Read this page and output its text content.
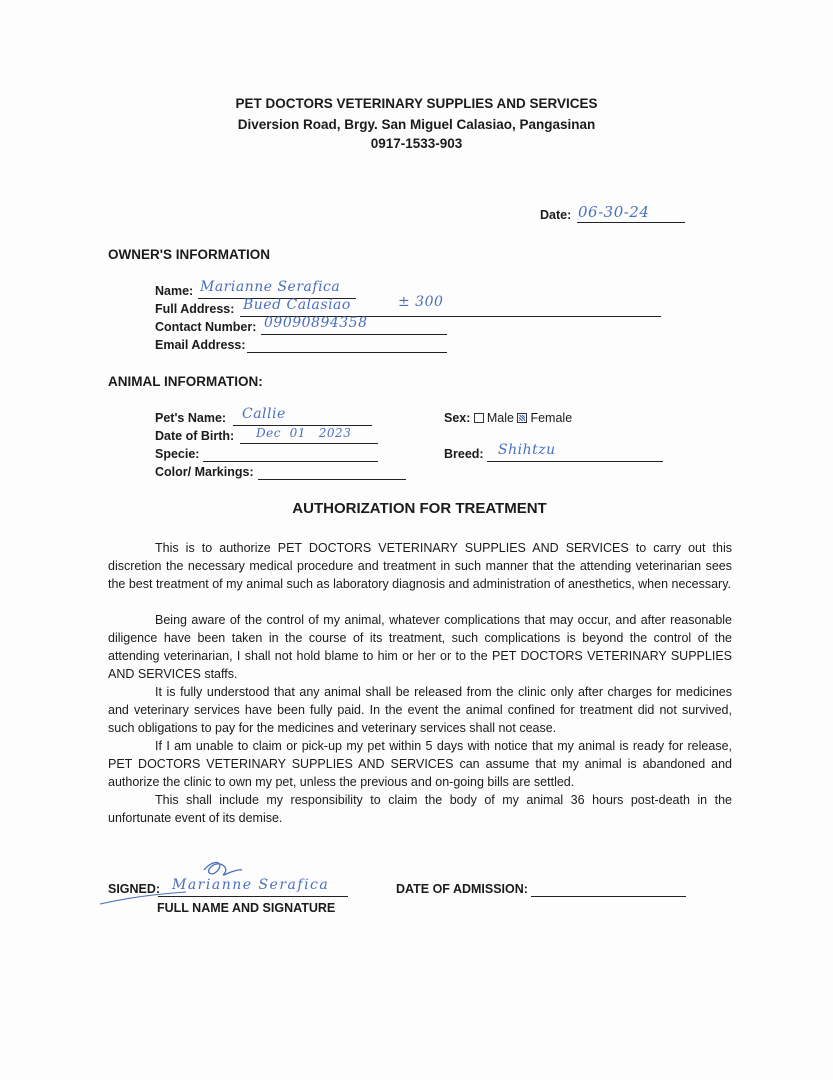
PET DOCTORS VETERINARY SUPPLIES AND SERVICES
Diversion Road, Brgy. San Miguel Calasiao, Pangasinan
0917-1533-903
Date: 06-30-24
OWNER'S INFORMATION
Name: Marianne Serafica
Full Address: Bued Calasiao	± 300
Contact Number: 09090894358
Email Address:
ANIMAL INFORMATION:
Pet's Name: Callie
Date of Birth: Dec  01   2023
Specie:
Color/ Markings:
Sex: Male Female
Breed: Shihtzu
AUTHORIZATION FOR TREATMENT

This is to authorize PET DOCTORS VETERINARY SUPPLIES AND SERVICES to carry out this discretion the necessary medical procedure and treatment in such manner that the attending veterinarian sees the best treatment of my animal such as laboratory diagnosis and administration of anesthetics, when necessary.

Being aware of the control of my animal, whatever complications that may occur, and after reasonable diligence have been taken in the course of its treatment, such complications is beyond the control of the attending veterinarian, I shall not hold blame to him or her or to the PET DOCTORS VETERINARY SUPPLIES AND SERVICES staffs.

It is fully understood that any animal shall be released from the clinic only after charges for medicines and veterinary services have been fully paid. In the event the animal confined for treatment did not survived, such obligations to pay for the medicines and veterinary services shall not cease.

If I am unable to claim or pick-up my pet within 5 days with notice that my animal is ready for release, PET DOCTORS VETERINARY SUPPLIES AND SERVICES can assume that my animal is abandoned and authorize the clinic to own my pet, unless the previous and on-going bills are settled.

This shall include my responsibility to claim the body of my animal 36 hours post-death in the unfortunate event of its demise.

SIGNED: Marianne Serafica
FULL NAME AND SIGNATURE
DATE OF ADMISSION:
